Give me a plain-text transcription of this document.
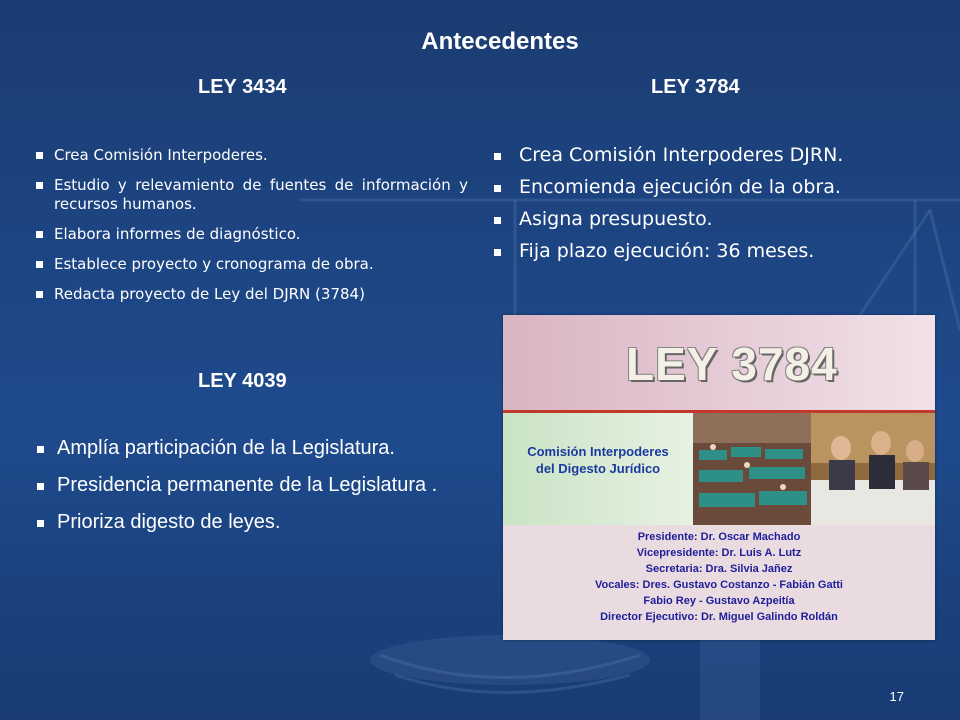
Antecedentes
LEY 3434
Crea Comisión Interpoderes.
Estudio y relevamiento de fuentes de información y recursos humanos.
Elabora informes de diagnóstico.
Establece proyecto y cronograma de obra.
Redacta proyecto de Ley del DJRN (3784)
LEY 4039
Amplía participación de la Legislatura.
Presidencia permanente de la Legislatura .
Prioriza digesto de leyes.
LEY 3784
Crea Comisión Interpoderes DJRN.
Encomienda ejecución de la obra.
Asigna presupuesto.
Fija plazo ejecución: 36 meses.
LEY 3784
Comisión Interpoderes
del Digesto Jurídico
Presidente: Dr. Oscar Machado
Vicepresidente: Dr. Luis A. Lutz
Secretaria: Dra. Silvia Jañez
Vocales: Dres. Gustavo Costanzo - Fabián Gatti
Fabio Rey - Gustavo Azpeitía
Director Ejecutivo: Dr. Miguel Galindo Roldán
17
